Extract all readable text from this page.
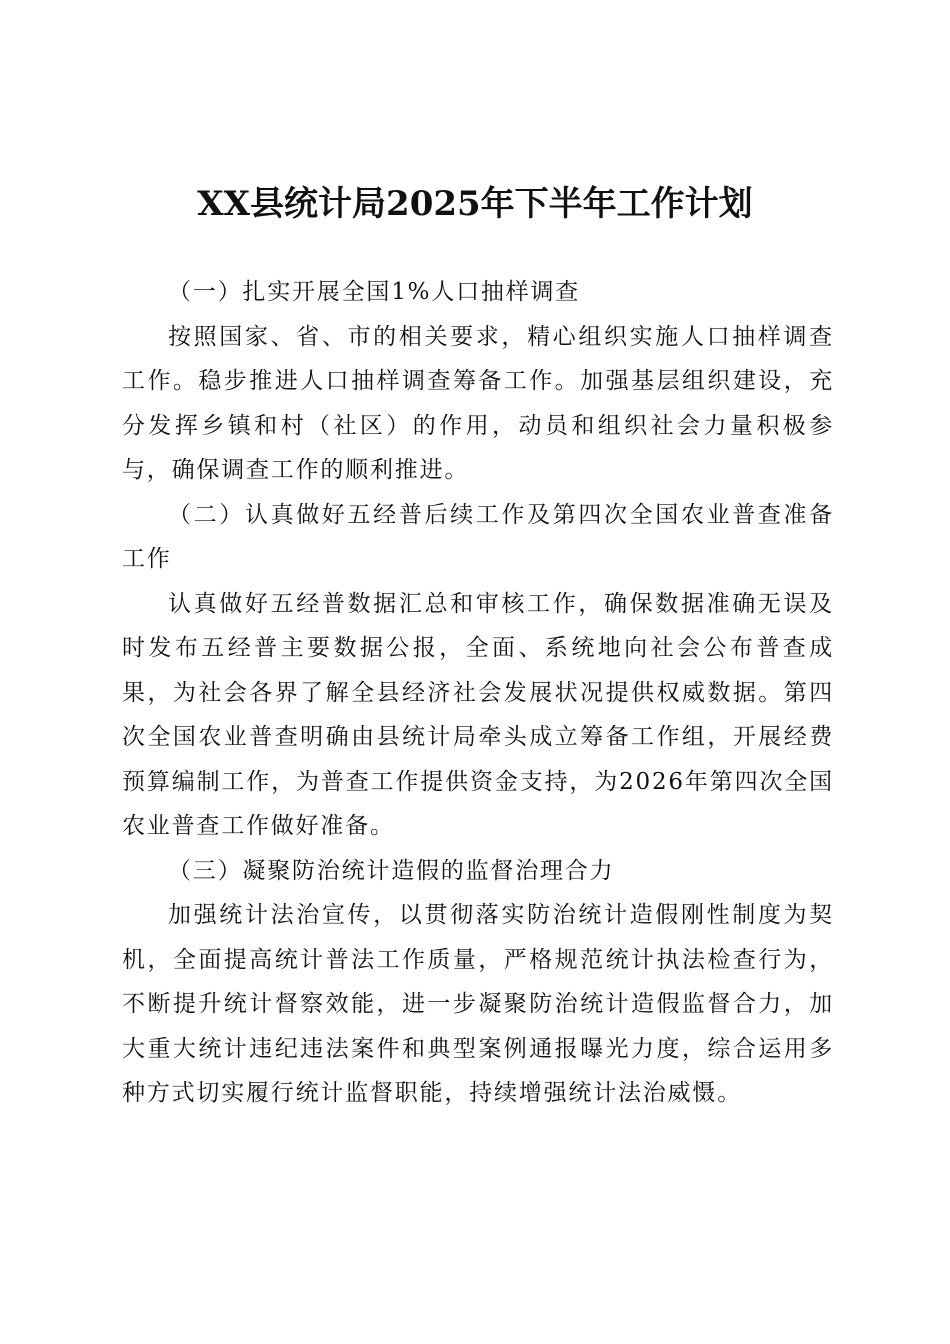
XX县统计局2025年下半年工作计划

（一）扎实开展全国1%人口抽样调查

按照国家、省、市的相关要求，精心组织实施人口抽样调查工作。稳步推进人口抽样调查筹备工作。加强基层组织建设，充分发挥乡镇和村（社区）的作用，动员和组织社会力量积极参与，确保调查工作的顺利推进。

（二）认真做好五经普后续工作及第四次全国农业普查准备工作

认真做好五经普数据汇总和审核工作，确保数据准确无误及时发布五经普主要数据公报，全面、系统地向社会公布普查成果，为社会各界了解全县经济社会发展状况提供权威数据。第四次全国农业普查明确由县统计局牵头成立筹备工作组，开展经费预算编制工作，为普查工作提供资金支持，为2026年第四次全国农业普查工作做好准备。

（三）凝聚防治统计造假的监督治理合力

加强统计法治宣传，以贯彻落实防治统计造假刚性制度为契机，全面提高统计普法工作质量，严格规范统计执法检查行为，不断提升统计督察效能，进一步凝聚防治统计造假监督合力，加大重大统计违纪违法案件和典型案例通报曝光力度，综合运用多种方式切实履行统计监督职能，持续增强统计法治威慑。
